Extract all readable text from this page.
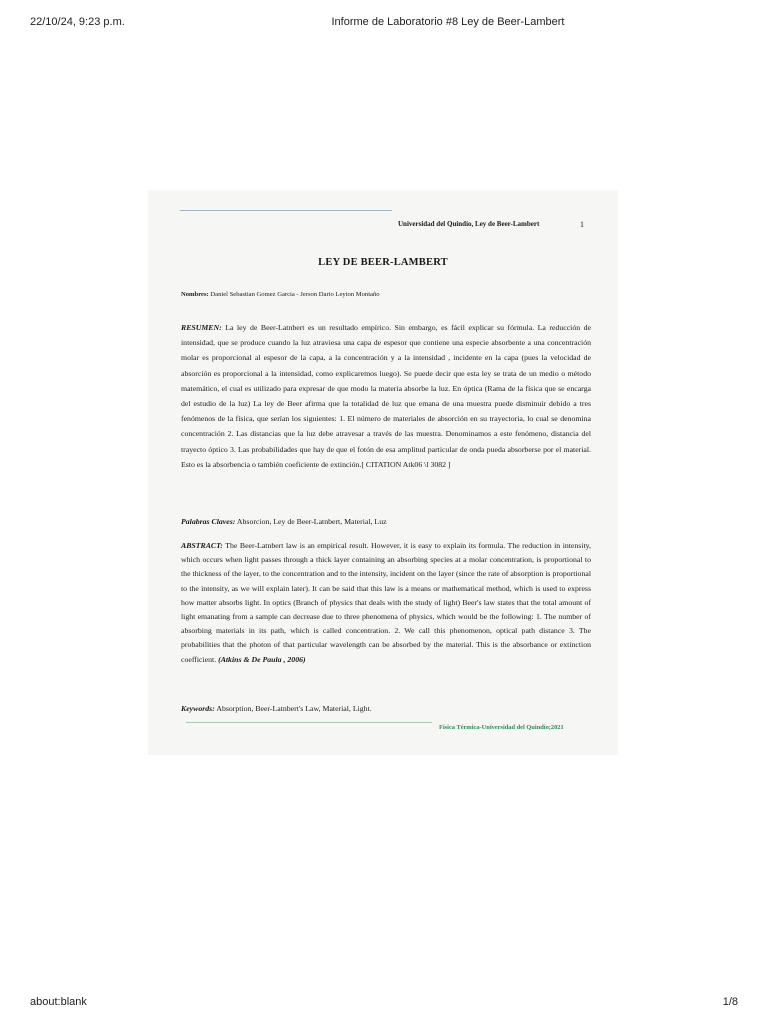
22/10/24, 9:23 p.m.	Informe de Laboratorio #8 Ley de Beer-Lambert
Universidad del Quindío, Ley de Beer-Lambert	1
LEY DE BEER-LAMBERT
Nombres: Daniel Sebastian Gomez Garcia - Jerson Dario Leyton Montaño
RESUMEN: La ley de Beer-Latnbert es un resultado empírico. Sin embargo, es fácil explicar su fórmula. La reducción de intensidad, que se produce cuando la luz atraviesa una capa de espesor que contiene una especie absorbente a una concentración molar es proporcional al espesor de la capa, a la concentración y a la intensidad , incidente en la capa (pues la velocidad de absorción es proporcional a la intensidad, como explicaremos luego). Se puede decir que esta ley se trata de un medio o método matemático, el cual es utilizado para expresar de que modo la materia absorbe la luz. En óptica (Rama de la física que se encarga del estudio de la luz) La ley de Beer afirma que la totalidad de luz que emana de una muestra puede disminuir debido a tres fenómenos de la física, que serían los siguientes: 1. El número de materiales de absorción en su trayectoria, lo cual se denomina concentración 2. Las distancias que la luz debe atravesar a través de las muestra. Denominamos a este fenómeno, distancia del trayecto óptico 3. Las probabilidades que hay de que el fotón de esa amplitud particular de onda pueda absorberse por el material. Esto es la absorbencia o también coeficiente de extinción.[ CITATION Atk06 \l 3082 ]
Palabras Claves: Absorcion, Ley de Beer-Latnbert, Material, Luz
ABSTRACT: The Beer-Latnbert law is an empirical result. However, it is easy to explain its formula. The reduction in intensity, which occurs when light passes through a thick layer containing an absorbing species at a molar concentration, is proportional to the thickness of the layer, to the concentration and to the intensity, incident on the layer (since the rate of absorption is proportional to the intensity, as we will explain later). It can be said that this law is a means or mathematical method, which is used to express how matter absorbs light. In optics (Branch of physics that deals with the study of light) Beer's law states that the total amount of light emanating from a sample can decrease due to three phenomena of physics, which would be the following: 1. The number of absorbing materials in its path, which is called concentration. 2. We call this phenomenon, optical path distance 3. The probabilities that the photon of that particular wavelength can be absorbed by the material. This is the absorbance or extinction coefficient. (Atkins & De Paula , 2006)
Keywords: Absorption, Beer-Latnbert's Law, Material, Light.
Física Térmica-Universidad del Quindío;2021
about:blank	1/8
